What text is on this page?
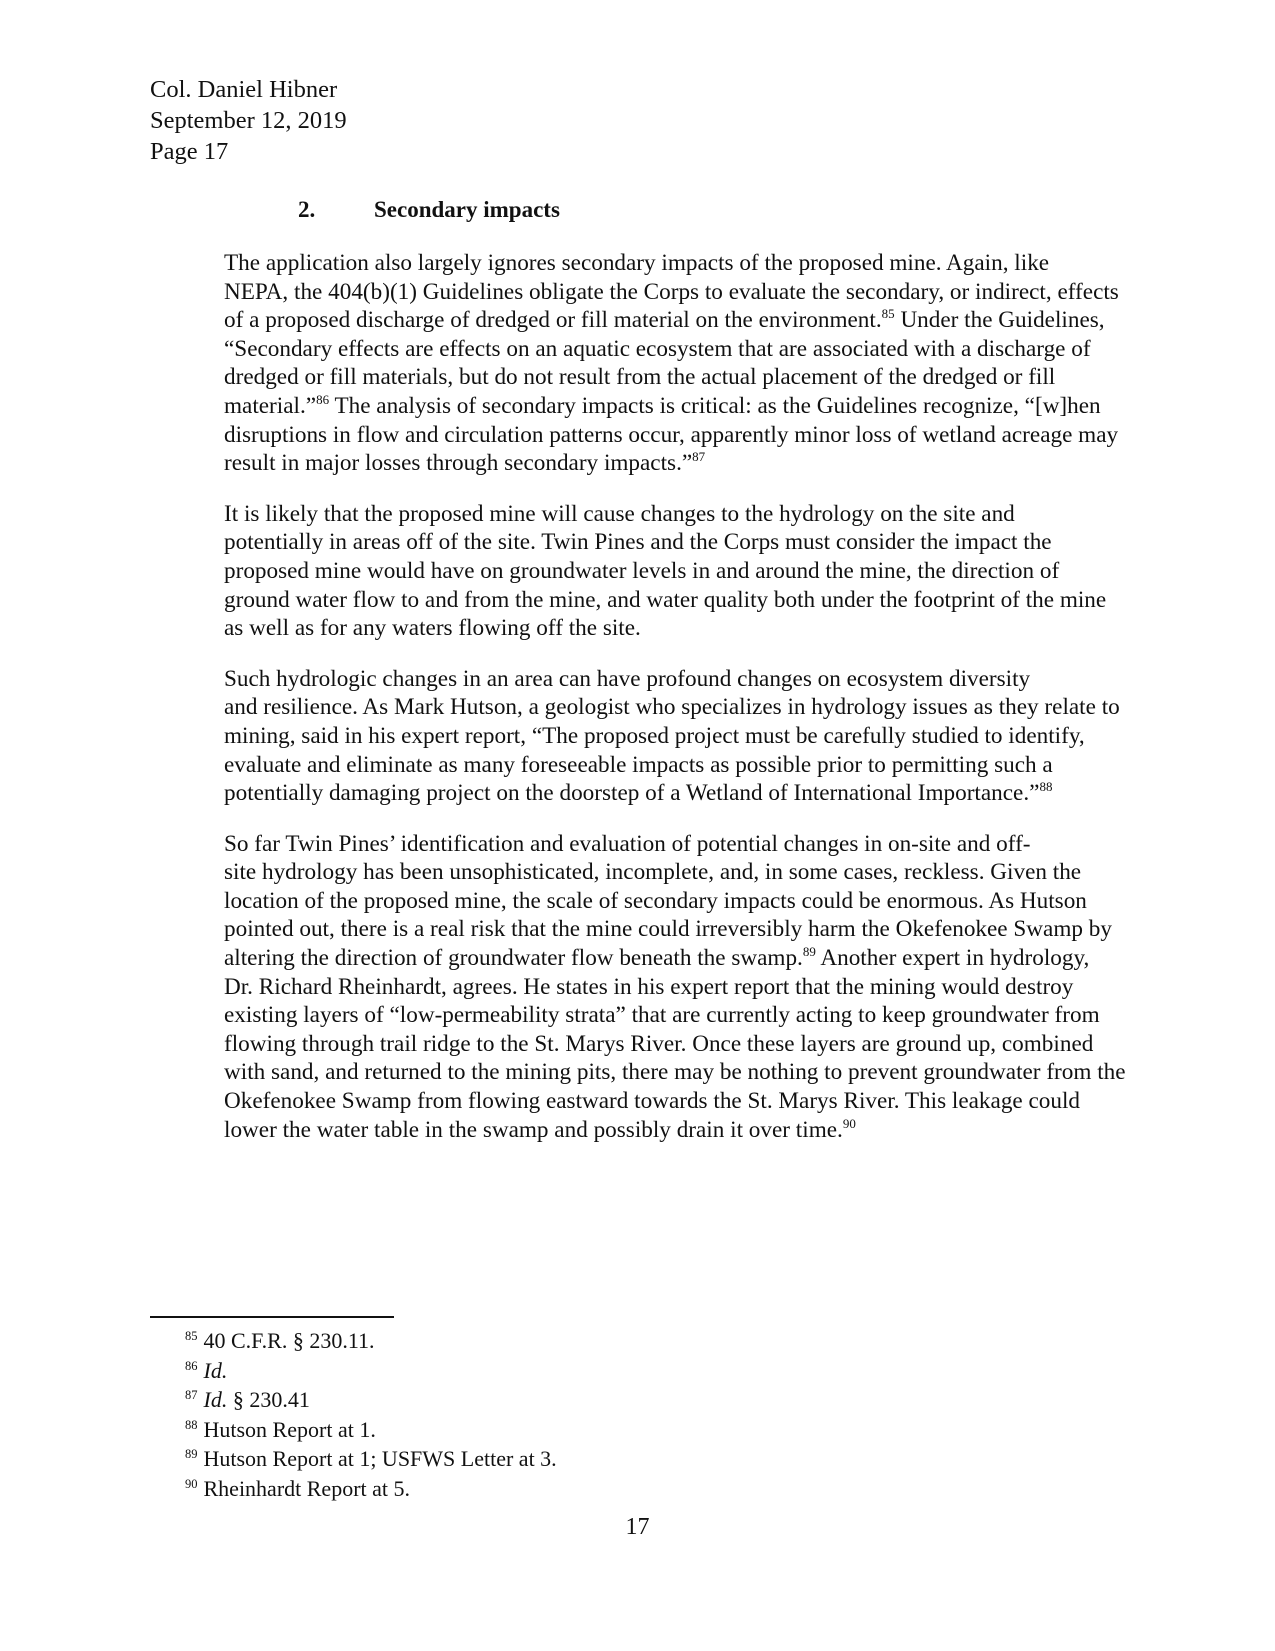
Col. Daniel Hibner
September 12, 2019
Page 17
2.	Secondary impacts

The application also largely ignores secondary impacts of the proposed mine. Again, like
NEPA, the 404(b)(1) Guidelines obligate the Corps to evaluate the secondary, or indirect, effects
of a proposed discharge of dredged or fill material on the environment.$^{85}$ Under the Guidelines,
“Secondary effects are effects on an aquatic ecosystem that are associated with a discharge of
dredged or fill materials, but do not result from the actual placement of the dredged or fill
material.”$^{86}$ The analysis of secondary impacts is critical: as the Guidelines recognize, “[w]hen
disruptions in flow and circulation patterns occur, apparently minor loss of wetland acreage may
result in major losses through secondary impacts.”$^{87}$

It is likely that the proposed mine will cause changes to the hydrology on the site and
potentially in areas off of the site. Twin Pines and the Corps must consider the impact the
proposed mine would have on groundwater levels in and around the mine, the direction of
ground water flow to and from the mine, and water quality both under the footprint of the mine
as well as for any waters flowing off the site.

Such hydrologic changes in an area can have profound changes on ecosystem diversity
and resilience. As Mark Hutson, a geologist who specializes in hydrology issues as they relate to
mining, said in his expert report, “The proposed project must be carefully studied to identify,
evaluate and eliminate as many foreseeable impacts as possible prior to permitting such a
potentially damaging project on the doorstep of a Wetland of International Importance.”$^{88}$

So far Twin Pines’ identification and evaluation of potential changes in on-site and off-
site hydrology has been unsophisticated, incomplete, and, in some cases, reckless. Given the
location of the proposed mine, the scale of secondary impacts could be enormous. As Hutson
pointed out, there is a real risk that the mine could irreversibly harm the Okefenokee Swamp by
altering the direction of groundwater flow beneath the swamp.$^{89}$ Another expert in hydrology,
Dr. Richard Rheinhardt, agrees. He states in his expert report that the mining would destroy
existing layers of “low-permeability strata” that are currently acting to keep groundwater from
flowing through trail ridge to the St. Marys River. Once these layers are ground up, combined
with sand, and returned to the mining pits, there may be nothing to prevent groundwater from the
Okefenokee Swamp from flowing eastward towards the St. Marys River. This leakage could
lower the water table in the swamp and possibly drain it over time.$^{90}$

$^{85}$ 40 C.F.R. § 230.11.
$^{86}$ Id.
$^{87}$ Id. § 230.41
$^{88}$ Hutson Report at 1.
$^{89}$ Hutson Report at 1; USFWS Letter at 3.
$^{90}$ Rheinhardt Report at 5.
17
